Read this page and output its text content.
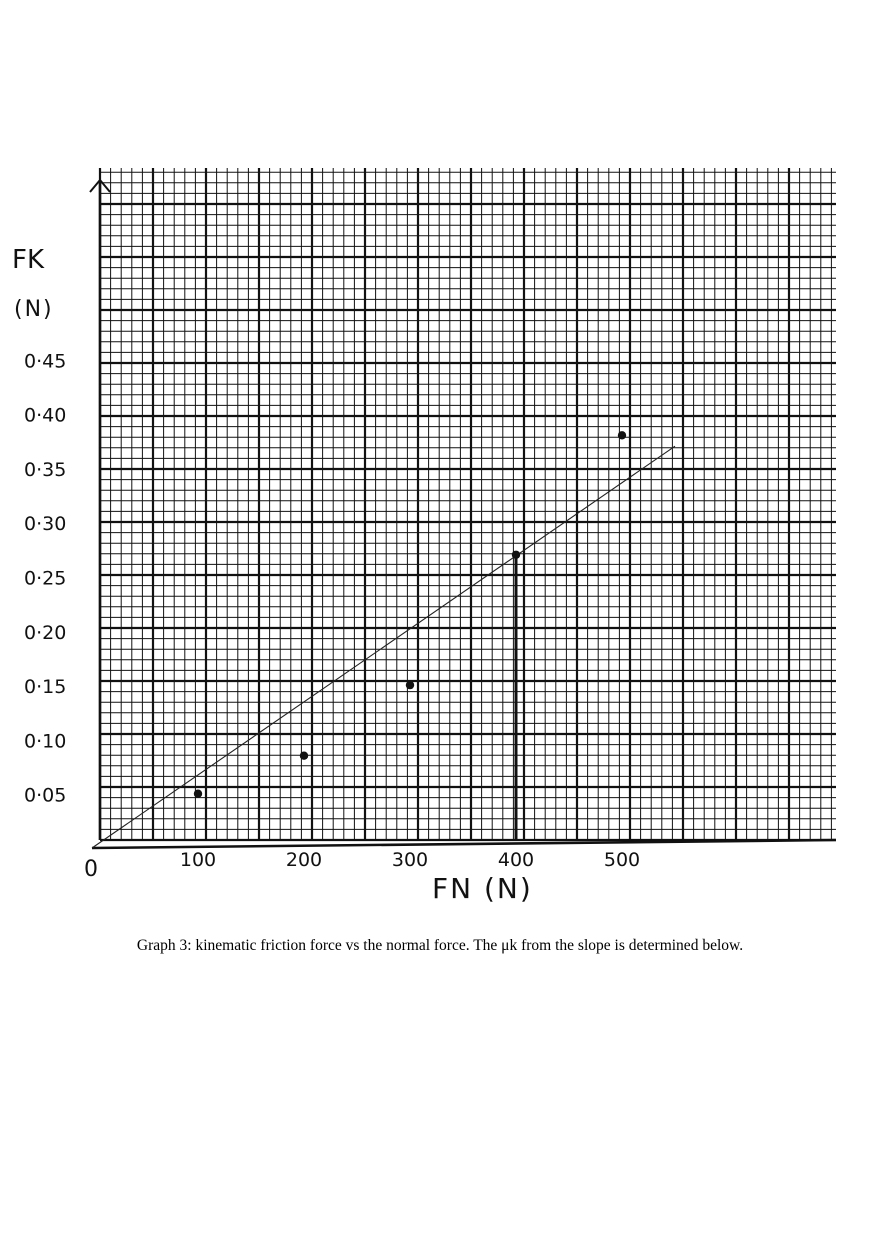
0·05
0·10
0·15
0·20
0·25
0·30
0·35
0·40
0·45
100	200	300	400	500
0
FK
(N)
FN (N)
Graph 3: kinematic friction force vs the normal force. The μk from the slope is determined below.
